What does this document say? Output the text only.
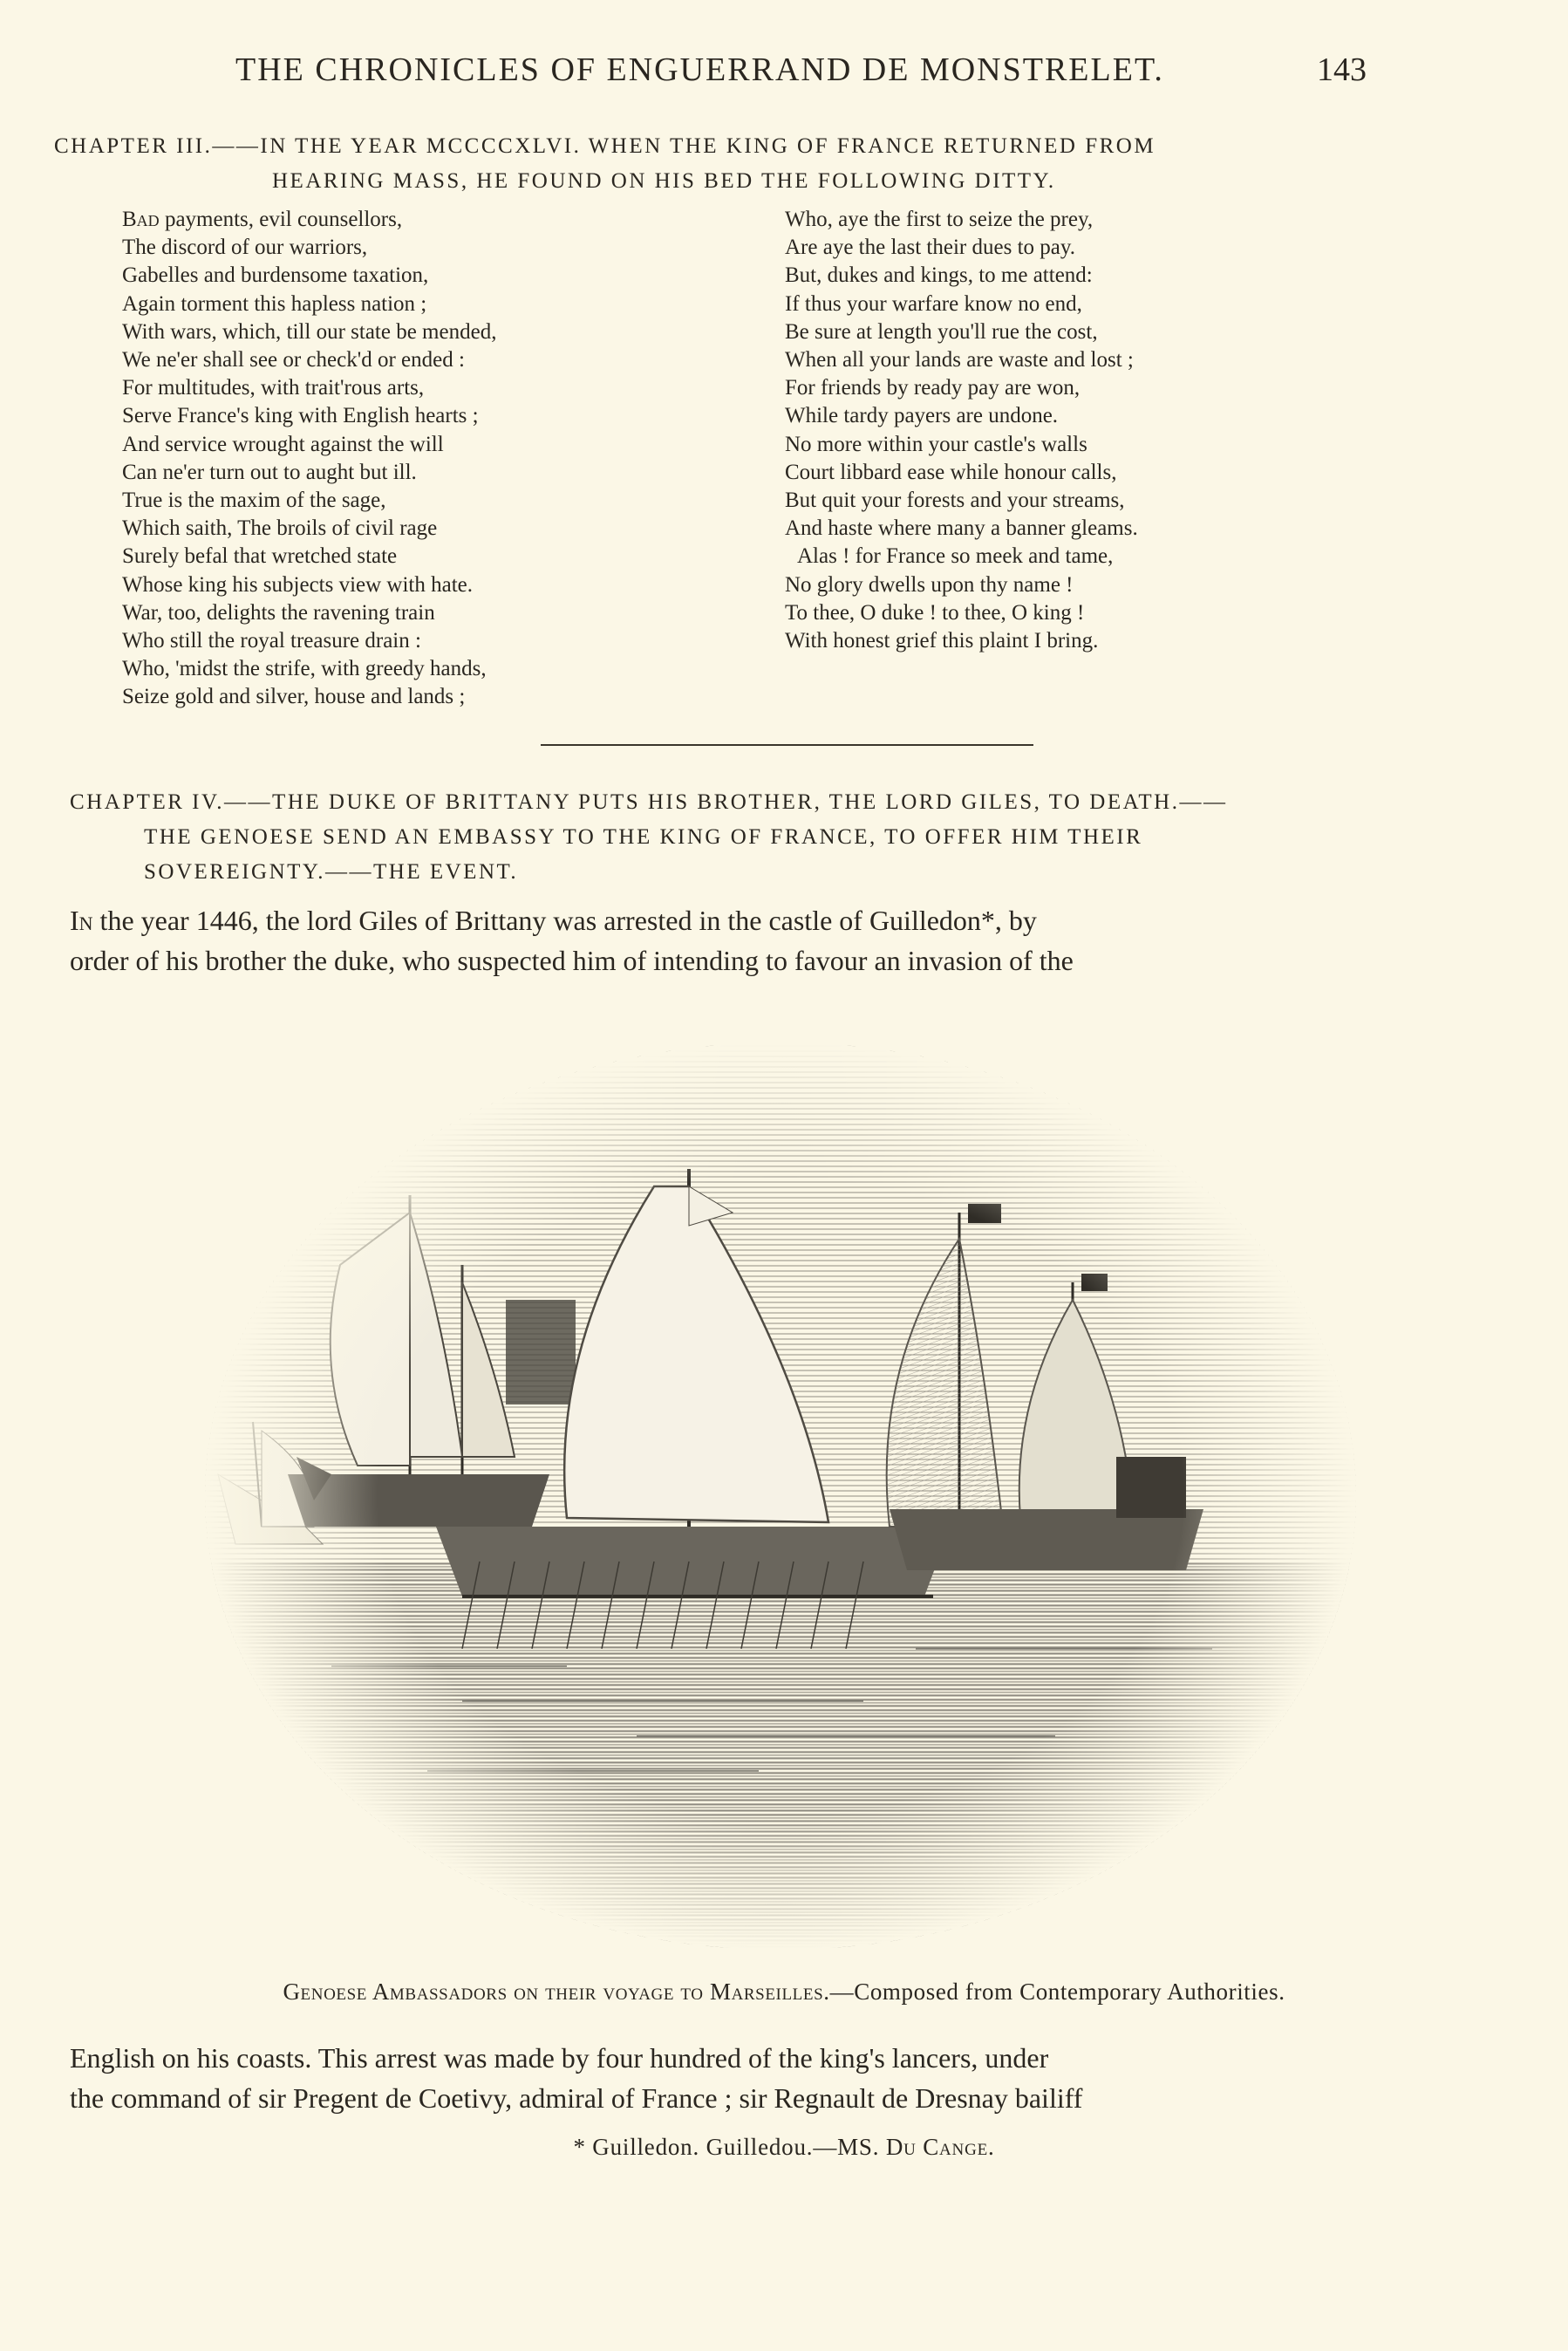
THE CHRONICLES OF ENGUERRAND DE MONSTRELET.	143
CHAPTER III.——IN THE YEAR MCCCCXLVI. WHEN THE KING OF FRANCE RETURNED FROM
HEARING MASS, HE FOUND ON HIS BED THE FOLLOWING DITTY.
Bad payments, evil counsellors,
The discord of our warriors,
Gabelles and burdensome taxation,
Again torment this hapless nation ;
With wars, which, till our state be mended,
We ne'er shall see or check'd or ended :
For multitudes, with trait'rous arts,
Serve France's king with English hearts ;
And service wrought against the will
Can ne'er turn out to aught but ill.
True is the maxim of the sage,
Which saith, The broils of civil rage
Surely befal that wretched state
Whose king his subjects view with hate.
War, too, delights the ravening train
Who still the royal treasure drain :
Who, 'midst the strife, with greedy hands,
Seize gold and silver, house and lands ;
Who, aye the first to seize the prey,
Are aye the last their dues to pay.
But, dukes and kings, to me attend:
If thus your warfare know no end,
Be sure at length you'll rue the cost,
When all your lands are waste and lost ;
For friends by ready pay are won,
While tardy payers are undone.
No more within your castle's walls
Court libbard ease while honour calls,
But quit your forests and your streams,
And haste where many a banner gleams.
Alas ! for France so meek and tame,
No glory dwells upon thy name !
To thee, O duke ! to thee, O king !
With honest grief this plaint I bring.
CHAPTER IV.——THE DUKE OF BRITTANY PUTS HIS BROTHER, THE LORD GILES, TO DEATH.——
THE GENOESE SEND AN EMBASSY TO THE KING OF FRANCE, TO OFFER HIM THEIR
SOVEREIGNTY.——THE EVENT.
In the year 1446, the lord Giles of Brittany was arrested in the castle of Guilledon*, by
order of his brother the duke, who suspected him of intending to favour an invasion of the
Genoese Ambassadors on their voyage to Marseilles.—Composed from Contemporary Authorities.
English on his coasts. This arrest was made by four hundred of the king's lancers, under
the command of sir Pregent de Coetivy, admiral of France ; sir Regnault de Dresnay bailiff
* Guilledon. Guilledou.—MS. Du Cange.
